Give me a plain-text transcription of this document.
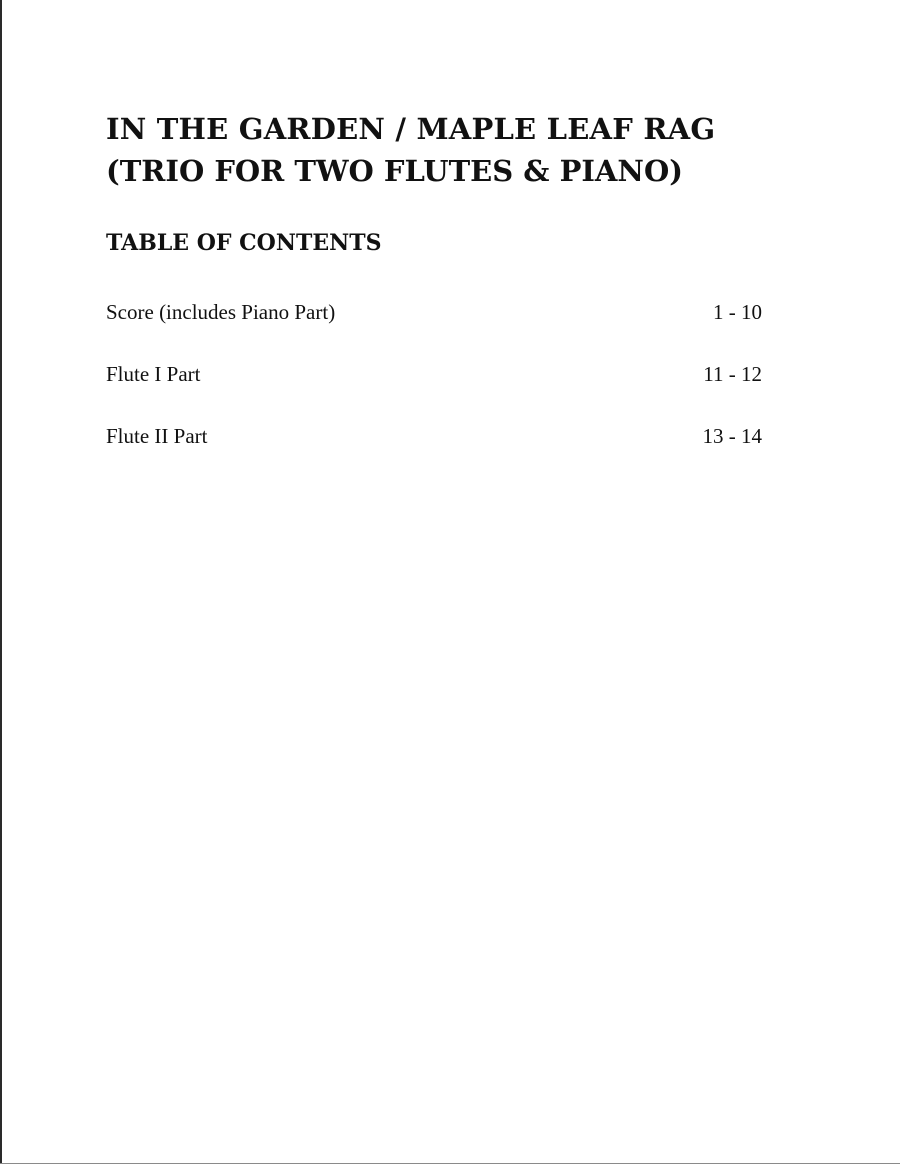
IN THE GARDEN / MAPLE LEAF RAG
(TRIO FOR TWO FLUTES & PIANO)
TABLE OF CONTENTS
Score (includes Piano Part)	1 - 10
Flute I Part	11 - 12
Flute II Part	13 - 14
